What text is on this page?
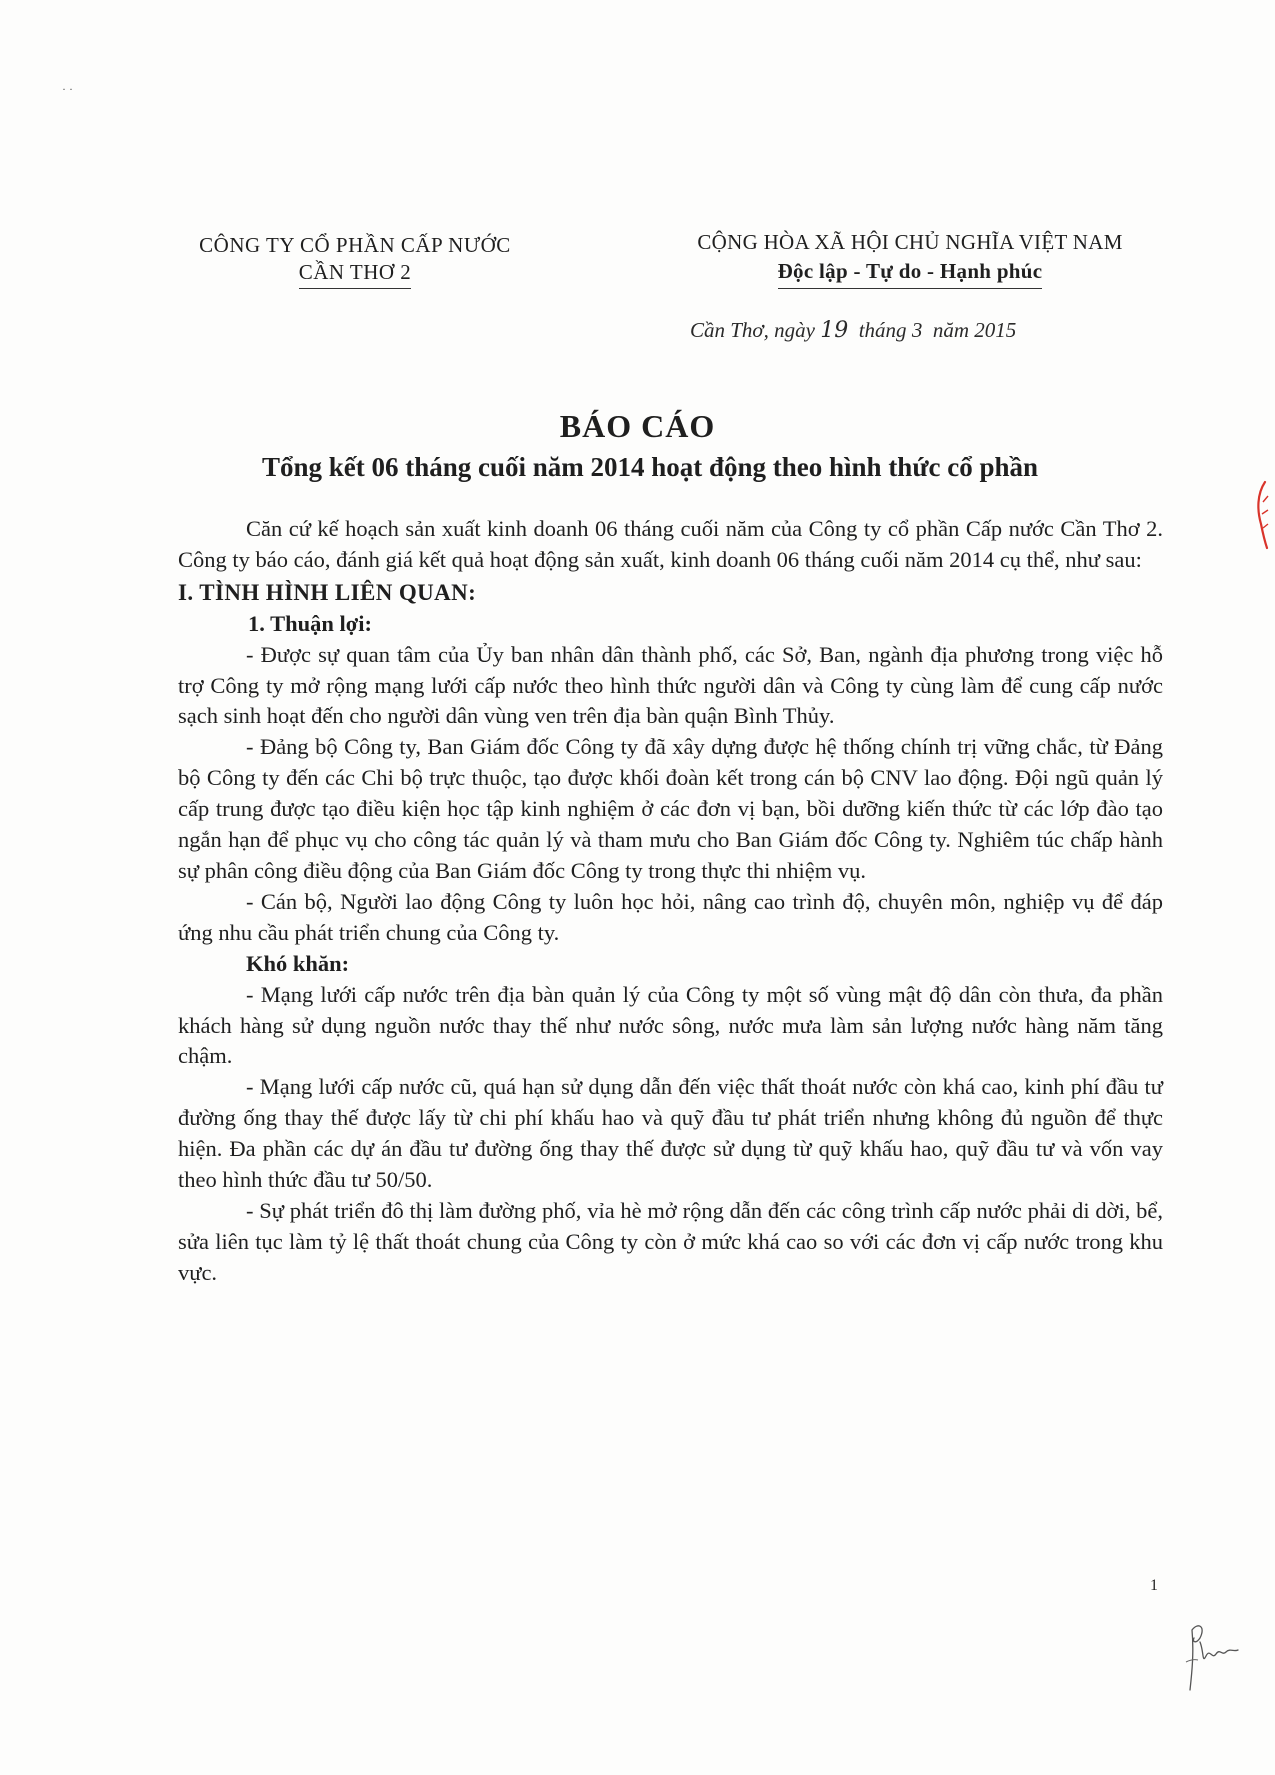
· ·
CÔNG TY CỔ PHẦN CẤP NƯỚC
CẦN THƠ 2
CỘNG HÒA XÃ HỘI CHỦ NGHĨA VIỆT NAM
Độc lập - Tự do - Hạnh phúc
Cần Thơ, ngày 19 tháng 3 năm 2015
BÁO CÁO
Tổng kết 06 tháng cuối năm 2014 hoạt động theo hình thức cổ phần

Căn cứ kế hoạch sản xuất kinh doanh 06 tháng cuối năm của Công ty cổ phần Cấp nước Cần Thơ 2. Công ty báo cáo, đánh giá kết quả hoạt động sản xuất, kinh doanh 06 tháng cuối năm 2014 cụ thể, như sau:

I. TÌNH HÌNH LIÊN QUAN:

1. Thuận lợi:

- Được sự quan tâm của Ủy ban nhân dân thành phố, các Sở, Ban, ngành địa phương trong việc hỗ trợ Công ty mở rộng mạng lưới cấp nước theo hình thức người dân và Công ty cùng làm để cung cấp nước sạch sinh hoạt đến cho người dân vùng ven trên địa bàn quận Bình Thủy.

- Đảng bộ Công ty, Ban Giám đốc Công ty đã xây dựng được hệ thống chính trị vững chắc, từ Đảng bộ Công ty đến các Chi bộ trực thuộc, tạo được khối đoàn kết trong cán bộ CNV lao động. Đội ngũ quản lý cấp trung được tạo điều kiện học tập kinh nghiệm ở các đơn vị bạn, bồi dưỡng kiến thức từ các lớp đào tạo ngắn hạn để phục vụ cho công tác quản lý và tham mưu cho Ban Giám đốc Công ty. Nghiêm túc chấp hành sự phân công điều động của Ban Giám đốc Công ty trong thực thi nhiệm vụ.

- Cán bộ, Người lao động Công ty luôn học hỏi, nâng cao trình độ, chuyên môn, nghiệp vụ để đáp ứng nhu cầu phát triển chung của Công ty.

Khó khăn:

- Mạng lưới cấp nước trên địa bàn quản lý của Công ty một số vùng mật độ dân còn thưa, đa phần khách hàng sử dụng nguồn nước thay thế như nước sông, nước mưa làm sản lượng nước hàng năm tăng chậm.

- Mạng lưới cấp nước cũ, quá hạn sử dụng dẫn đến việc thất thoát nước còn khá cao, kinh phí đầu tư đường ống thay thế được lấy từ chi phí khấu hao và quỹ đầu tư phát triển nhưng không đủ nguồn để thực hiện. Đa phần các dự án đầu tư đường ống thay thế được sử dụng từ quỹ khấu hao, quỹ đầu tư và vốn vay theo hình thức đầu tư 50/50.

- Sự phát triển đô thị làm đường phố, vỉa hè mở rộng dẫn đến các công trình cấp nước phải di dời, bể, sửa liên tục làm tỷ lệ thất thoát chung của Công ty còn ở mức khá cao so với các đơn vị cấp nước trong khu vực.

1
